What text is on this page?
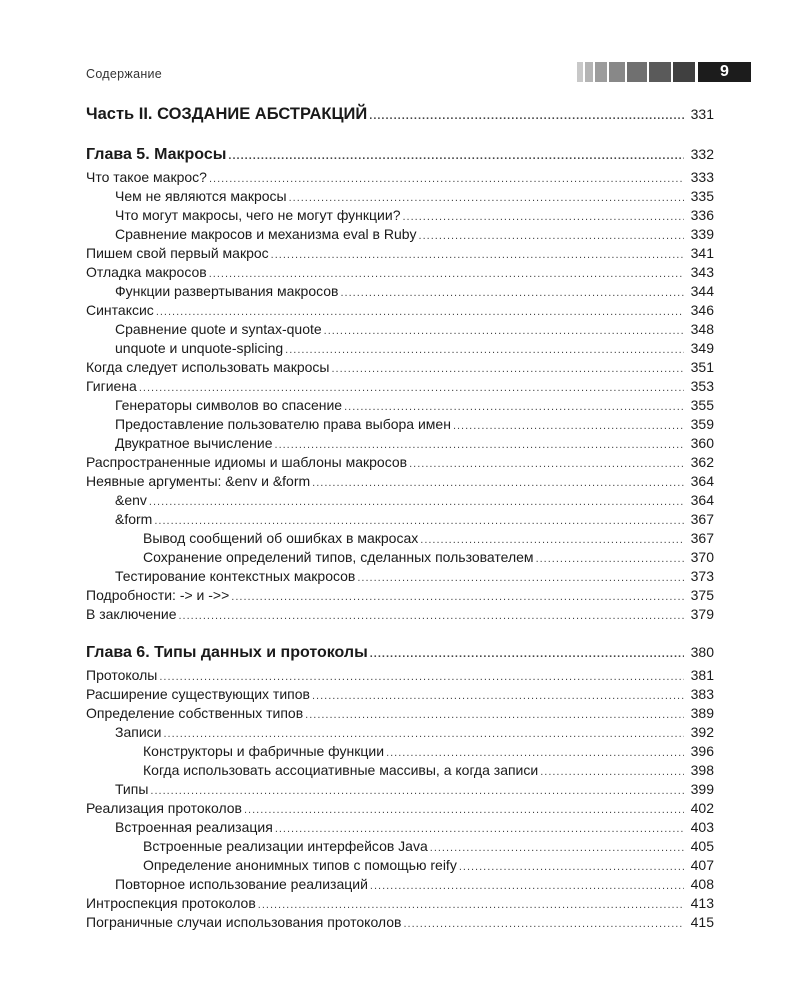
Содержание	9
Часть II. СОЗДАНИЕ АБСТРАКЦИЙ .....	331
Глава 5. Макросы .....	332
Что такое макрос? .....	333
Чем не являются макросы .....	335
Что могут макросы, чего не могут функции? .....	336
Сравнение макросов и механизма eval в Ruby .....	339
Пишем свой первый макрос .....	341
Отладка макросов .....	343
Функции развертывания макросов .....	344
Синтаксис .....	346
Сравнение quote и syntax-quote .....	348
unquote и unquote-splicing .....	349
Когда следует использовать макросы .....	351
Гигиена .....	353
Генераторы символов во спасение .....	355
Предоставление пользователю права выбора имен .....	359
Двукратное вычисление .....	360
Распространенные идиомы и шаблоны макросов .....	362
Неявные аргументы: &env и &form .....	364
&env .....	364
&form .....	367
Вывод сообщений об ошибках в макросах .....	367
Сохранение определений типов, сделанных пользователем .....	370
Тестирование контекстных макросов .....	373
Подробности: -> и ->> .....	375
В заключение .....	379
Глава 6. Типы данных и протоколы .....	380
Протоколы .....	381
Расширение существующих типов .....	383
Определение собственных типов .....	389
Записи .....	392
Конструкторы и фабричные функции .....	396
Когда использовать ассоциативные массивы, а когда записи .....	398
Типы .....	399
Реализация протоколов .....	402
Встроенная реализация .....	403
Встроенные реализации интерфейсов Java .....	405
Определение анонимных типов с помощью reify .....	407
Повторное использование реализаций .....	408
Интроспекция протоколов .....	413
Пограничные случаи использования протоколов .....	415
